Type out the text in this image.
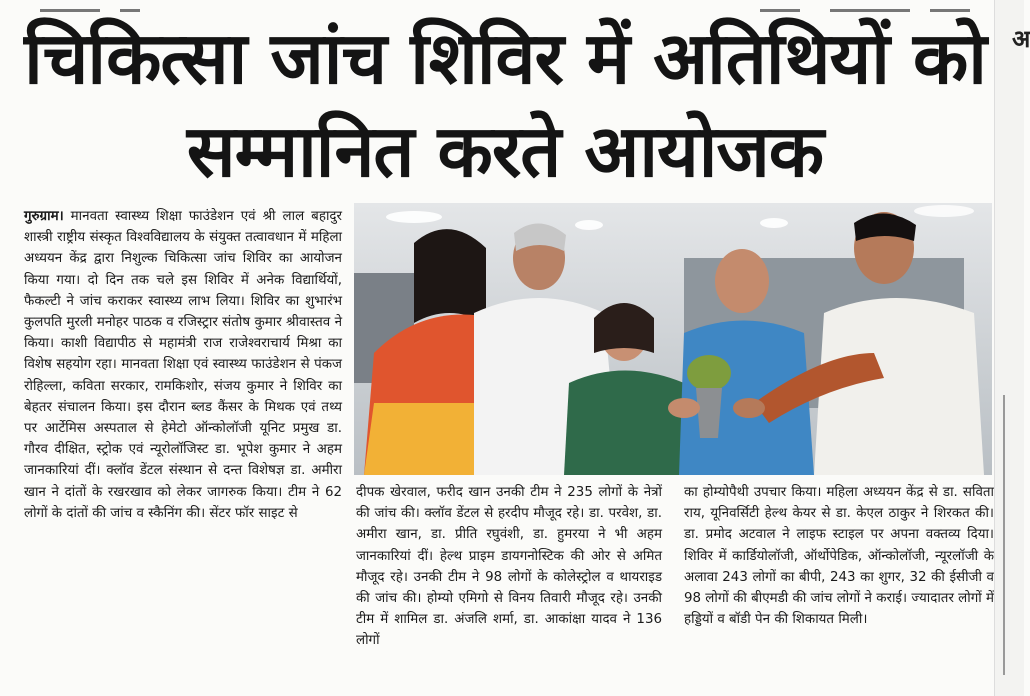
चिकित्सा जांच शिविर में अतिथियों को
सम्मानित करते आयोजक
गुरुग्राम। मानवता स्वास्थ्य शिक्षा फाउंडेशन एवं श्री लाल बहादुर शास्त्री राष्ट्रीय संस्कृत विश्वविद्यालय के संयुक्त तत्वावधान में महिला अध्ययन केंद्र द्वारा निशुल्क चिकित्सा जांच शिविर का आयोजन किया गया। दो दिन तक चले इस शिविर में अनेक विद्यार्थियों, फैकल्टी ने जांच कराकर स्वास्थ्य लाभ लिया। शिविर का शुभारंभ कुलपति मुरली मनोहर पाठक व रजिस्ट्रार संतोष कुमार श्रीवास्तव ने किया। काशी विद्यापीठ से महामंत्री राज राजेश्वराचार्य मिश्रा का विशेष सहयोग रहा। मानवता शिक्षा एवं स्वास्थ्य फाउंडेशन से पंकज रोहिल्ला, कविता सरकार, रामकिशोर, संजय कुमार ने शिविर का बेहतर संचालन किया। इस दौरान ब्लड कैंसर के मिथक एवं तथ्य पर आर्टेमिस अस्पताल से हेमेटो ऑन्कोलॉजी यूनिट प्रमुख डा. गौरव दीक्षित, स्ट्रोक एवं न्यूरोलॉजिस्ट डा. भूपेश कुमार ने अहम जानकारियां दीं। क्लॉव डेंटल संस्थान से दन्त विशेषज्ञ डा. अमीरा खान ने दांतों के रखरखाव को लेकर जागरुक किया। टीम ने 62 लोगों के दांतों की जांच व स्कैनिंग की। सेंटर फॉर साइट से
दीपक खेरवाल, फरीद खान उनकी टीम ने 235 लोगों के नेत्रों की जांच की। क्लॉव डेंटल से हरदीप मौजूद रहे। डा. परवेश, डा. अमीरा खान, डा. प्रीति रघुवंशी, डा. हुमरया ने भी अहम जानकारियां दीं। हेल्थ प्राइम डायगनोस्टिक की ओर से अमित मौजूद रहे। उनकी टीम ने 98 लोगों के कोलेस्ट्रोल व थायराइड की जांच की। होम्यो एमिगो से विनय तिवारी मौजूद रहे। उनकी टीम में शामिल डा. अंजलि शर्मा, डा. आकांक्षा यादव ने 136 लोगों
का होम्योपैथी उपचार किया। महिला अध्ययन केंद्र से डा. सविता राय, यूनिवर्सिटी हेल्थ केयर से डा. केएल ठाकुर ने शिरकत की। डा. प्रमोद अटवाल ने लाइफ स्टाइल पर अपना वक्तव्य दिया। शिविर में कार्डियोलॉजी, ऑर्थोपेडिक, ऑन्कोलॉजी, न्यूरलॉजी के अलावा 243 लोगों का बीपी, 243 का शुगर, 32 की ईसीजी व 98 लोगों की बीएमडी की जांच लोगों ने कराई। ज्यादातर लोगों में हड्डियों व बॉडी पेन की शिकायत मिली।
अ
